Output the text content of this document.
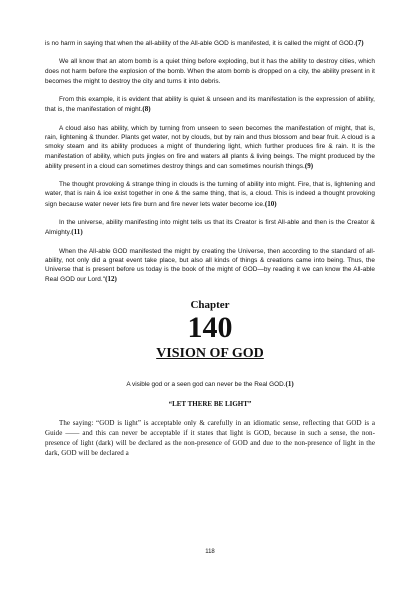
is no harm in saying that when the all-ability of the All-able GOD is manifested, it is called the might of GOD.(7)

We all know that an atom bomb is a quiet thing before exploding, but it has the ability to destroy cities, which does not harm before the explosion of the bomb. When the atom bomb is dropped on a city, the ability present in it becomes the might to destroy the city and turns it into debris.

From this example, it is evident that ability is quiet & unseen and its manifestation is the expression of ability, that is, the manifestation of might.(8)

A cloud also has ability, which by turning from unseen to seen becomes the manifestation of might, that is, rain, lightening & thunder. Plants get water, not by clouds, but by rain and thus blossom and bear fruit. A cloud is a smoky steam and its ability produces a might of thundering light, which further produces fire & rain. It is the manifestation of ability, which puts jingles on fire and waters all plants & living beings. The might produced by the ability present in a cloud can sometimes destroy things and can sometimes nourish things.(9)

The thought provoking & strange thing in clouds is the turning of ability into might. Fire, that is, lightening and water, that is rain & ice exist together in one & the same thing, that is, a cloud. This is indeed a thought provoking sign because water never lets fire burn and fire never lets water become ice.(10)

In the universe, ability manifesting into might tells us that its Creator is first All-able and then is the Creator & Almighty.(11)

When the All-able GOD manifested the might by creating the Universe, then according to the standard of all-ability, not only did a great event take place, but also all kinds of things & creations came into being. Thus, the Universe that is present before us today is the book of the might of GOD—by reading it we can know the All-able Real GOD our Lord."(12)

Chapter
140
VISION OF GOD
A visible god or a seen god can never be the Real GOD.(1)
“LET THERE BE LIGHT”

The saying: “GOD is light” is acceptable only & carefully in an idiomatic sense, reflecting that GOD is a Guide —— and this can never be acceptable if it states that light is GOD, because in such a sense, the non-presence of light (dark) will be declared as the non-presence of GOD and due to the non-presence of light in the dark, GOD will be declared a

118
